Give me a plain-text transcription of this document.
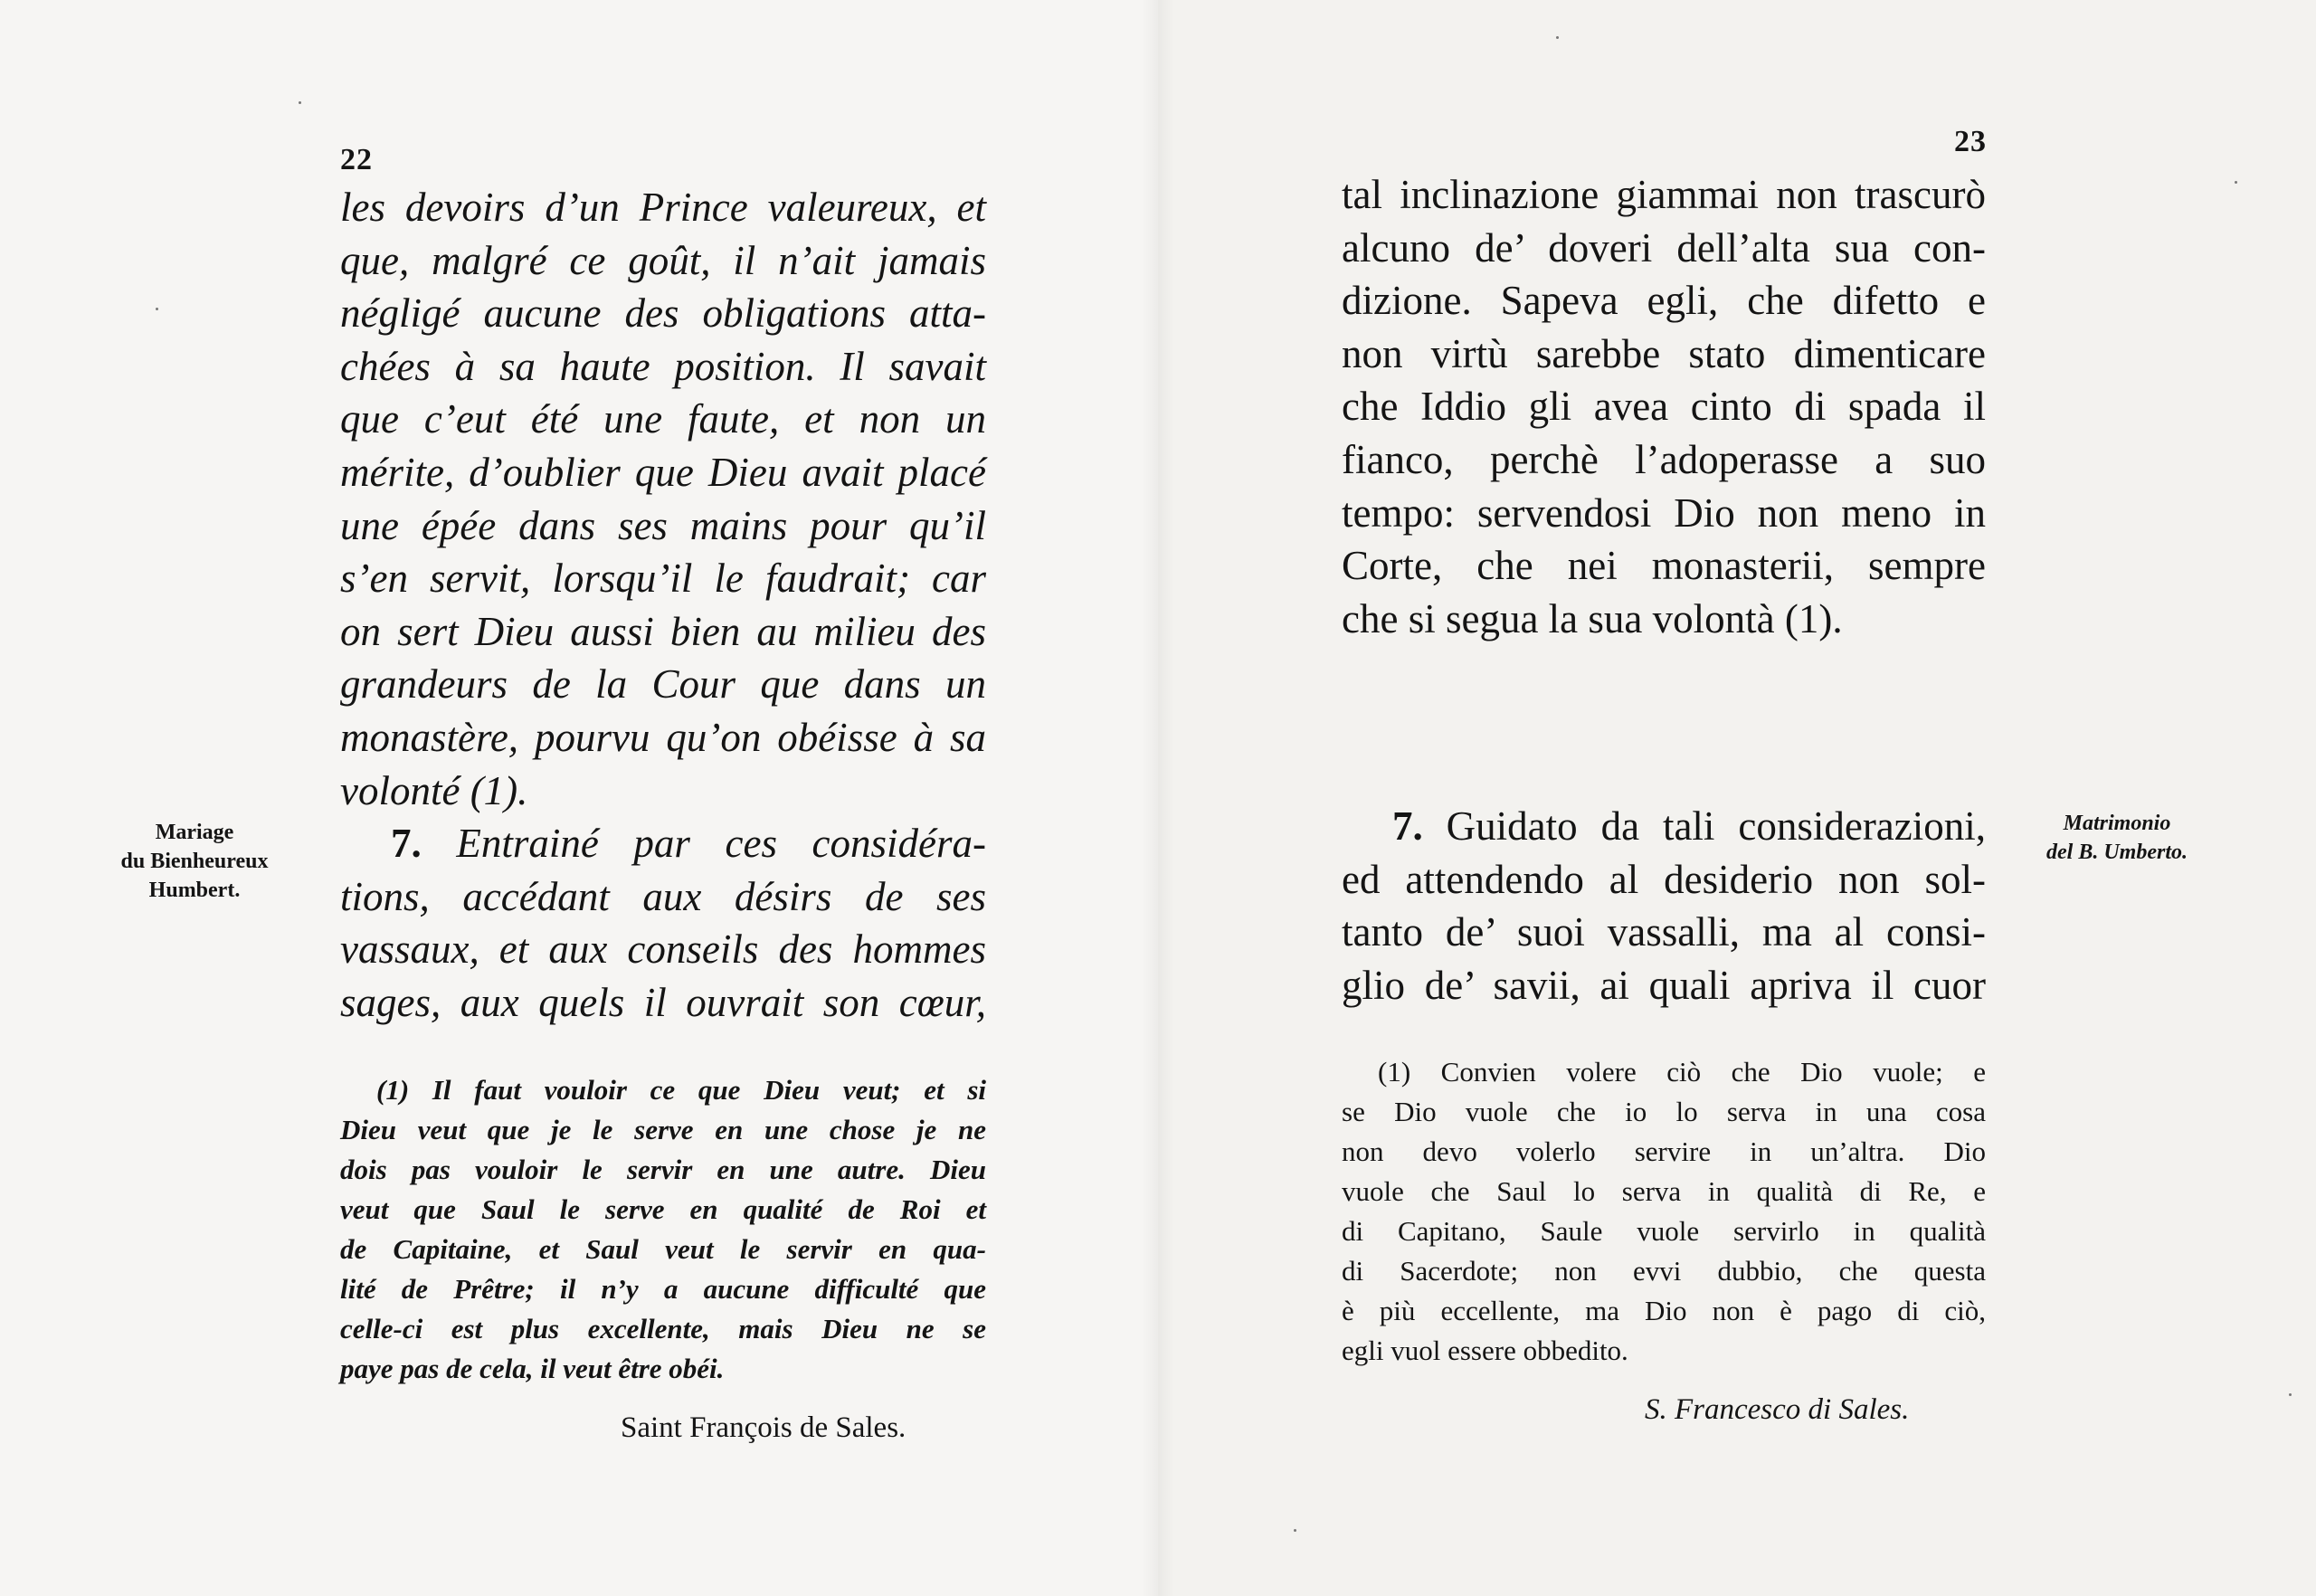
22
les devoirs d’un Prince valeureux, et
que, malgré ce goût, il n’ait jamais
négligé aucune des obligations atta-
chées à sa haute position. Il savait
que c’eut été une faute, et non un
mérite, d’oublier que Dieu avait placé
une épée dans ses mains pour qu’il
s’en servit, lorsqu’il le faudrait; car
on sert Dieu aussi bien au milieu des
grandeurs de la Cour que dans un
monastère, pourvu qu’on obéisse à sa
volonté (1).
7. Entrainé par ces considéra-
tions, accédant aux désirs de ses
vassaux, et aux conseils des hommes
sages, aux quels il ouvrait son cœur,
Mariage
du Bienheureux
Humbert.
(1) Il faut vouloir ce que Dieu veut; et si
Dieu veut que je le serve en une chose je ne
dois pas vouloir le servir en une autre. Dieu
veut que Saul le serve en qualité de Roi et
de Capitaine, et Saul veut le servir en qua-
lité de Prêtre; il n’y a aucune difficulté que
celle-ci est plus excellente, mais Dieu ne se
paye pas de cela, il veut être obéi.
Saint François de Sales.
23
tal inclinazione giammai non trascurò
alcuno de’ doveri dell’alta sua con-
dizione. Sapeva egli, che difetto e
non virtù sarebbe stato dimenticare
che Iddio gli avea cinto di spada il
fianco, perchè l’adoperasse a suo
tempo: servendosi Dio non meno in
Corte, che nei monasterii, sempre
che si segua la sua volontà (1).
7. Guidato da tali considerazioni,
ed attendendo al desiderio non sol-
tanto de’ suoi vassalli, ma al consi-
glio de’ savii, ai quali apriva il cuor
Matrimonio
del B. Umberto.
(1) Convien volere ciò che Dio vuole; e
se Dio vuole che io lo serva in una cosa
non devo volerlo servire in un’altra. Dio
vuole che Saul lo serva in qualità di Re, e
di Capitano, Saule vuole servirlo in qualità
di Sacerdote; non evvi dubbio, che questa
è più eccellente, ma Dio non è pago di ciò,
egli vuol essere obbedito.
S. Francesco di Sales.
